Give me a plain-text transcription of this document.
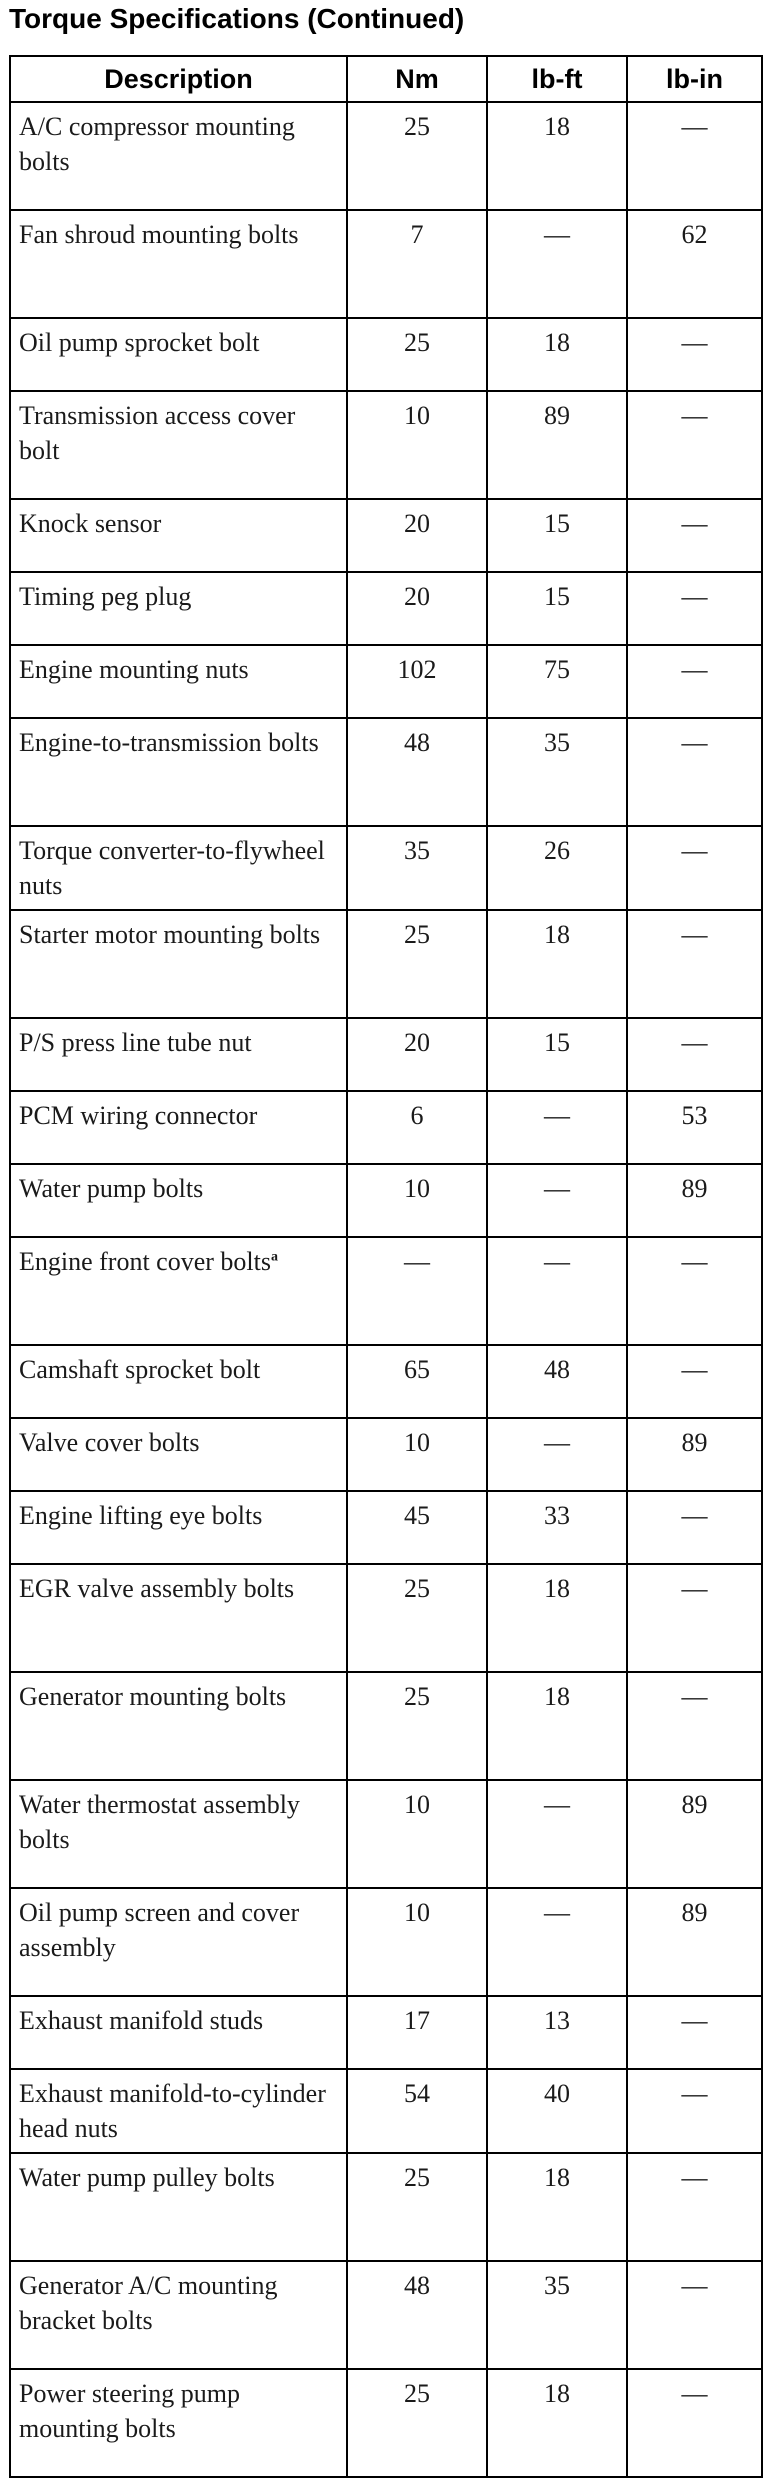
Torque Specifications (Continued)
Description	Nm	lb-ft	lb-in
A/C compressor mounting bolts	25	18	—
Fan shroud mounting bolts	7	—	62
Oil pump sprocket bolt	25	18	—
Transmission access cover bolt	10	89	—
Knock sensor	20	15	—
Timing peg plug	20	15	—
Engine mounting nuts	102	75	—
Engine-to-transmission bolts	48	35	—
Torque converter-to-flywheel nuts	35	26	—
Starter motor mounting bolts	25	18	—
P/S press line tube nut	20	15	—
PCM wiring connector	6	—	53
Water pump bolts	10	—	89
Engine front cover bolts$^a$	—	—	—
Camshaft sprocket bolt	65	48	—
Valve cover bolts	10	—	89
Engine lifting eye bolts	45	33	—
EGR valve assembly bolts	25	18	—
Generator mounting bolts	25	18	—
Water thermostat assembly bolts	10	—	89
Oil pump screen and cover assembly	10	—	89
Exhaust manifold studs	17	13	—
Exhaust manifold-to-cylinder head nuts	54	40	—
Water pump pulley bolts	25	18	—
Generator A/C mounting bracket bolts	48	35	—
Power steering pump mounting bolts	25	18	—
